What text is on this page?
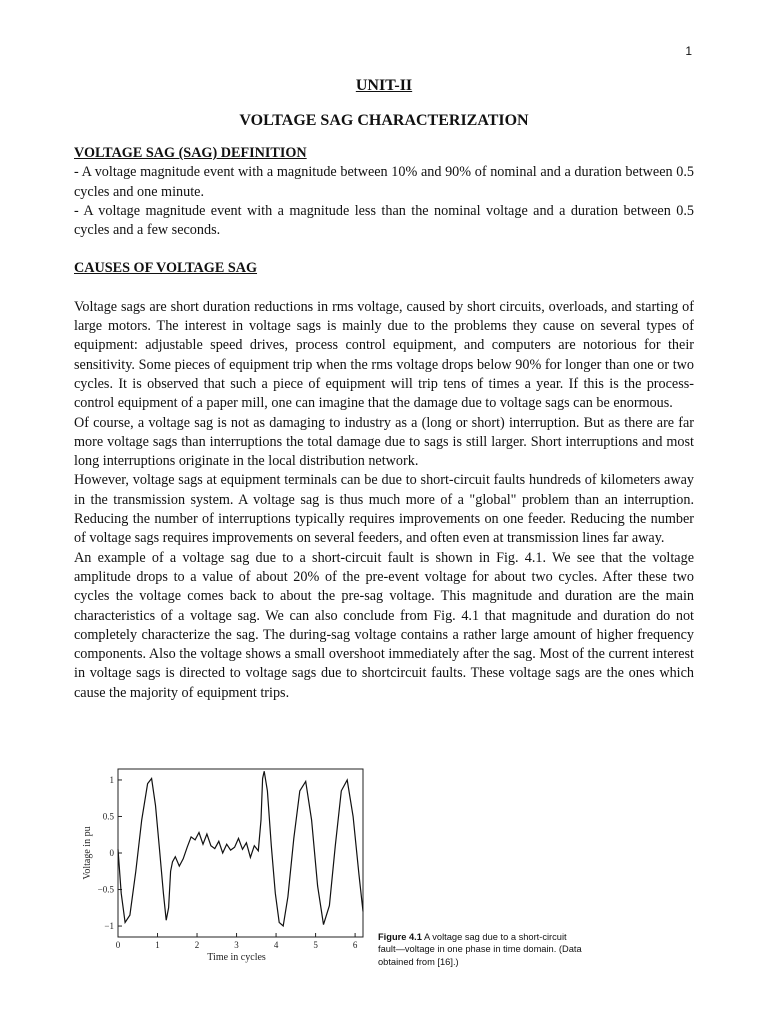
1
UNIT-II
VOLTAGE SAG CHARACTERIZATION

VOLTAGE SAG (SAG) DEFINITION

- A voltage magnitude event with a magnitude between 10% and 90% of nominal and a duration between 0.5 cycles and one minute.

- A voltage magnitude event with a magnitude less than the nominal voltage and a duration between 0.5 cycles and a few seconds.

CAUSES OF VOLTAGE SAG

Voltage sags are short duration reductions in rms voltage, caused by short circuits, overloads, and starting of large motors. The interest in voltage sags is mainly due to the problems they cause on several types of equipment: adjustable speed drives, process control equipment, and computers are notorious for their sensitivity. Some pieces of equipment trip when the rms voltage drops below 90% for longer than one or two cycles. It is observed that such a piece of equipment will trip tens of times a year. If this is the process-control equipment of a paper mill, one can imagine that the damage due to voltage sags can be enormous.

Of course, a voltage sag is not as damaging to industry as a (long or short) interruption. But as there are far more voltage sags than interruptions the total damage due to sags is still larger. Short interruptions and most long interruptions originate in the local distribution network.

However, voltage sags at equipment terminals can be due to short-circuit faults hundreds of kilometers away in the transmission system. A voltage sag is thus much more of a "global" problem than an interruption. Reducing the number of interruptions typically requires improvements on one feeder. Reducing the number of voltage sags requires improvements on several feeders, and often even at transmission lines far away.

An example of a voltage sag due to a short-circuit fault is shown in Fig. 4.1. We see that the voltage amplitude drops to a value of about 20% of the pre-event voltage for about two cycles. After these two cycles the voltage comes back to about the pre-sag voltage. This magnitude and duration are the main characteristics of a voltage sag. We can also conclude from Fig. 4.1 that magnitude and duration do not completely characterize the sag. The during-sag voltage contains a rather large amount of higher frequency components. Also the voltage shows a small overshoot immediately after the sag. Most of the current interest in voltage sags is directed to voltage sags due to shortcircuit faults. These voltage sags are the ones which cause the majority of equipment trips.

1
0.5
0
−0.5
−1
0	1	2	3	4	5	6
Voltage in pu
Time in cycles
Figure 4.1 A voltage sag due to a short-circuit fault—voltage in one phase in time domain. (Data obtained from [16].)
